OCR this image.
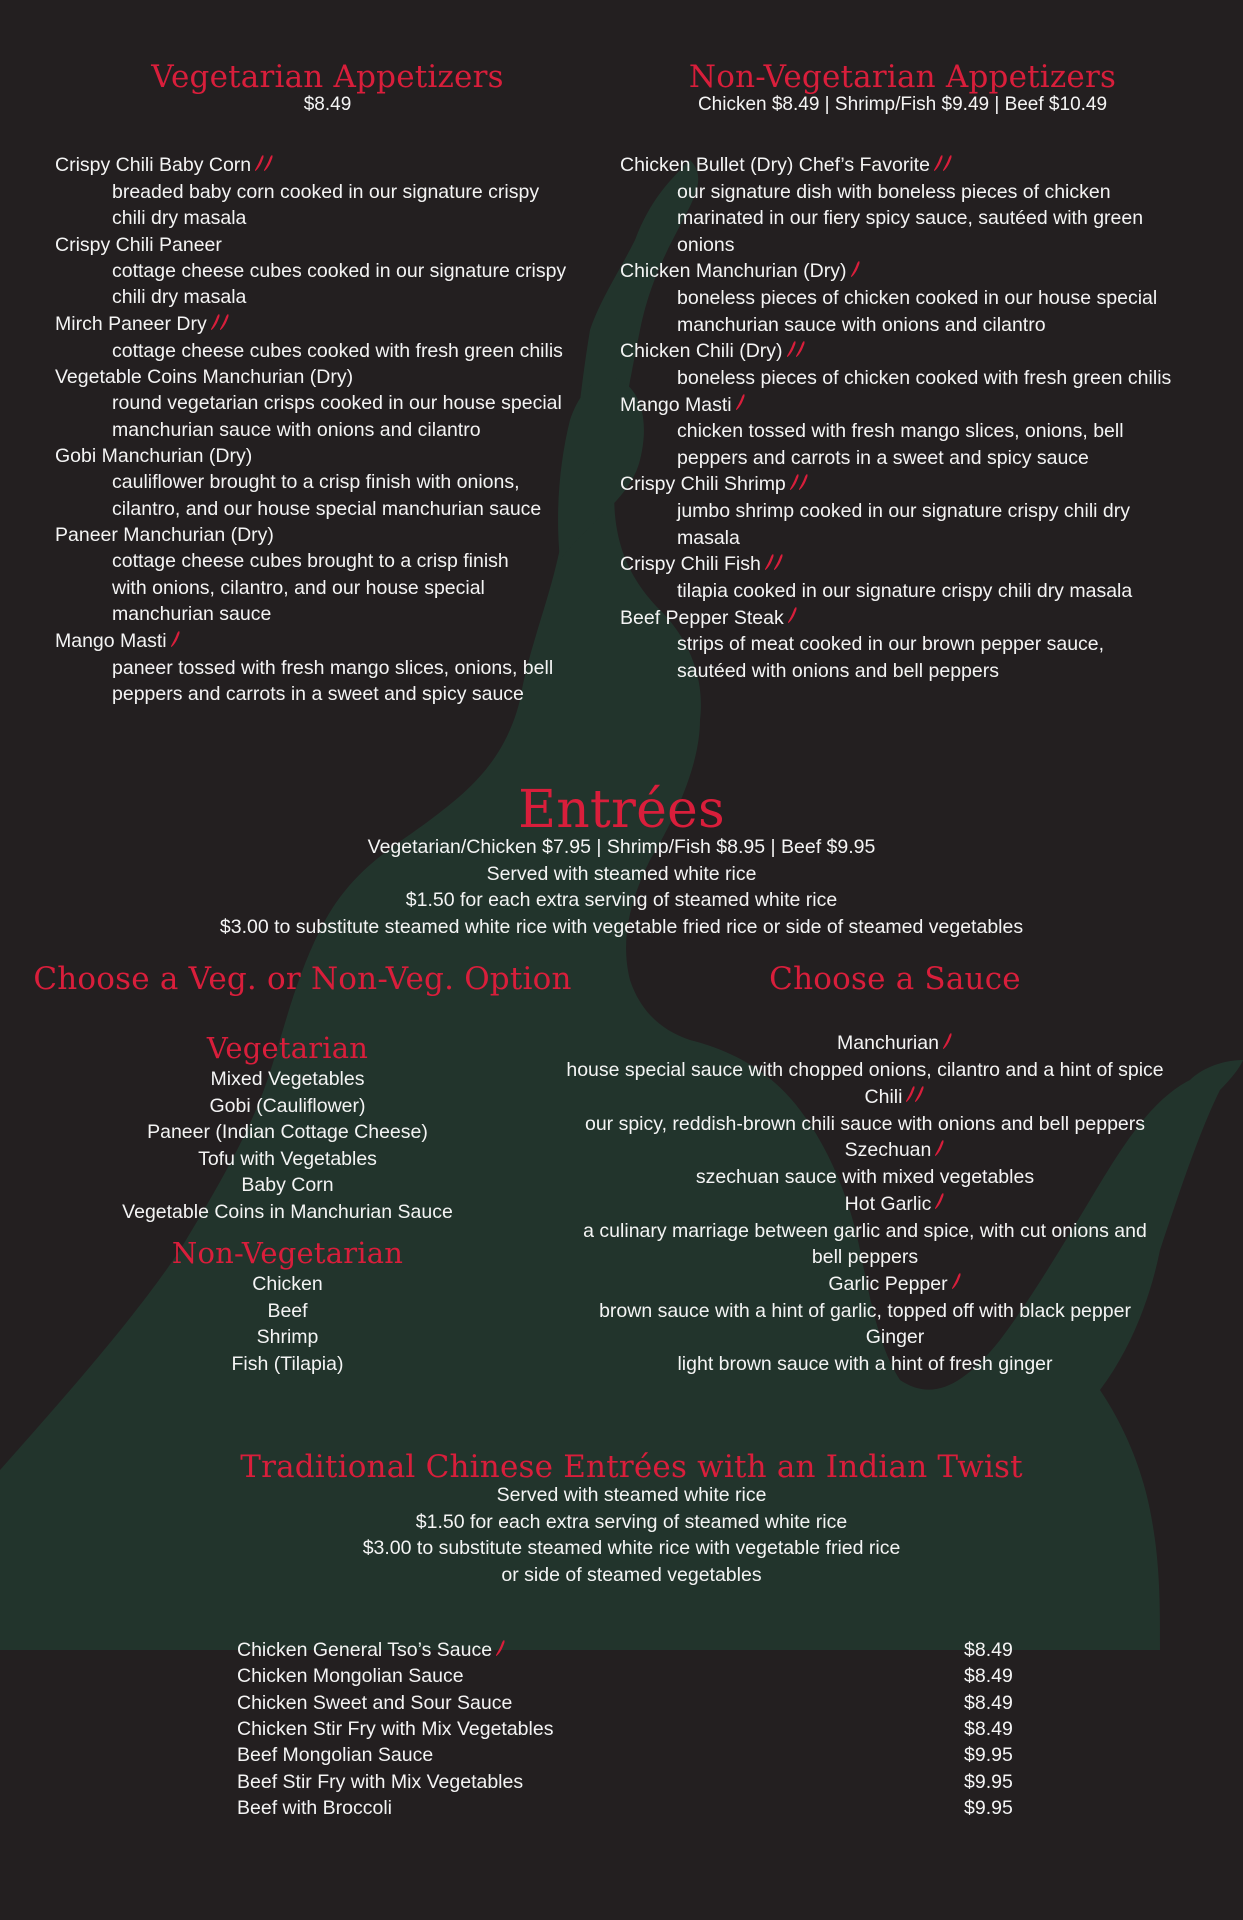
Vegetarian Appetizers
$8.49
Crispy Chili Baby Corn
breaded baby corn cooked in our signature crispy
chili dry masala
Crispy Chili Paneer
cottage cheese cubes cooked in our signature crispy
chili dry masala
Mirch Paneer Dry
cottage cheese cubes cooked with fresh green chilis
Vegetable Coins Manchurian (Dry)
round vegetarian crisps cooked in our house special
manchurian sauce with onions and cilantro
Gobi Manchurian (Dry)
cauliflower brought to a crisp finish with onions,
cilantro, and our house special manchurian sauce
Paneer Manchurian (Dry)
cottage cheese cubes brought to a crisp finish
with onions, cilantro, and our house special
manchurian sauce
Mango Masti
paneer tossed with fresh mango slices, onions, bell
peppers and carrots in a sweet and spicy sauce
Non-Vegetarian Appetizers
Chicken $8.49 | Shrimp/Fish $9.49 | Beef $10.49
Chicken Bullet (Dry) Chef’s Favorite
our signature dish with boneless pieces of chicken
marinated in our fiery spicy sauce, sautéed with green
onions
Chicken Manchurian (Dry)
boneless pieces of chicken cooked in our house special
manchurian sauce with onions and cilantro
Chicken Chili (Dry)
boneless pieces of chicken cooked with fresh green chilis
Mango Masti
chicken tossed with fresh mango slices, onions, bell
peppers and carrots in a sweet and spicy sauce
Crispy Chili Shrimp
jumbo shrimp cooked in our signature crispy chili dry
masala
Crispy Chili Fish
tilapia cooked in our signature crispy chili dry masala
Beef Pepper Steak
strips of meat cooked in our brown pepper sauce,
sautéed with onions and bell peppers
Entrées
Vegetarian/Chicken $7.95 | Shrimp/Fish $8.95 | Beef $9.95
Served with steamed white rice
$1.50 for each extra serving of steamed white rice
$3.00 to substitute steamed white rice with vegetable fried rice or side of steamed vegetables
Choose a Veg. or Non-Veg. Option
Vegetarian
Mixed Vegetables
Gobi (Cauliflower)
Paneer (Indian Cottage Cheese)
Tofu with Vegetables
Baby Corn
Vegetable Coins in Manchurian Sauce
Non-Vegetarian
Chicken
Beef
Shrimp
Fish (Tilapia)
Choose a Sauce
Manchurian
house special sauce with chopped onions, cilantro and a hint of spice
Chili
our spicy, reddish-brown chili sauce with onions and bell peppers
Szechuan
szechuan sauce with mixed vegetables
Hot Garlic
a culinary marriage between garlic and spice, with cut onions and
bell peppers
Garlic Pepper
brown sauce with a hint of garlic, topped off with black pepper
Ginger
light brown sauce with a hint of fresh ginger
Traditional Chinese Entrées with an Indian Twist
Served with steamed white rice
$1.50 for each extra serving of steamed white rice
$3.00 to substitute steamed white rice with vegetable fried rice
or side of steamed vegetables
Chicken General Tso’s Sauce	$8.49
Chicken Mongolian Sauce	$8.49
Chicken Sweet and Sour Sauce	$8.49
Chicken Stir Fry with Mix Vegetables	$8.49
Beef Mongolian Sauce	$9.95
Beef Stir Fry with Mix Vegetables	$9.95
Beef with Broccoli	$9.95
